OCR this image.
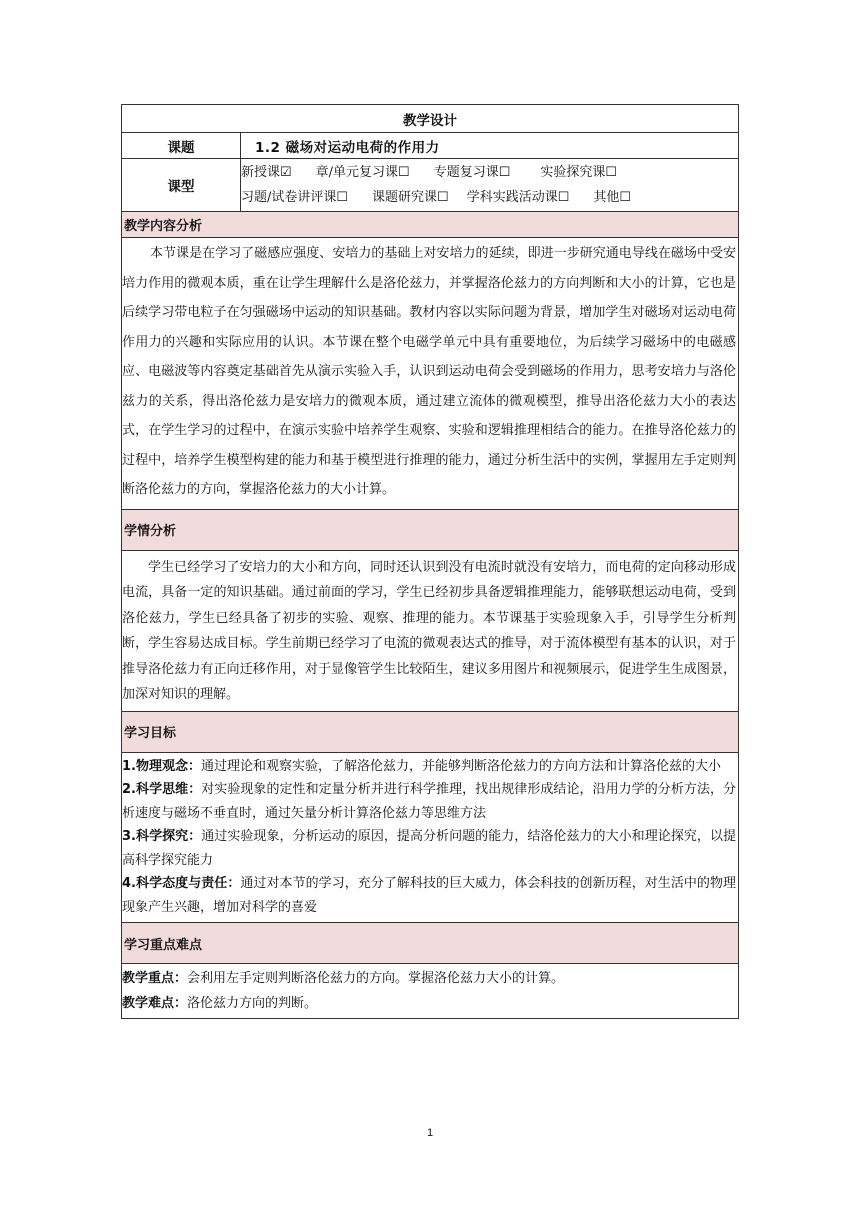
教学设计	
课题	1.2 磁场对运动电荷的作用力
课型	新授课☑ 章/单元复习课☐ 专题复习课☐ 实验探究课☐
习题/试卷讲评课☐ 课题研究课☐ 学科实践活动课☐ 其他☐

教学内容分析	
本节课是在学习了磁感应强度、安培力的基础上对安培力的延续，即进一步研究通电导线在磁场中受安培力作用的微观本质，重在让学生理解什么是洛伦兹力，并掌握洛伦兹力的方向判断和大小的计算，它也是后续学习带电粒子在匀强磁场中运动的知识基础。教材内容以实际问题为背景，增加学生对磁场对运动电荷作用力的兴趣和实际应用的认识。本节课在整个电磁学单元中具有重要地位，为后续学习磁场中的电磁感应、电磁波等内容奠定基础首先从演示实验入手，认识到运动电荷会受到磁场的作用力，思考安培力与洛伦兹力的关系，得出洛伦兹力是安培力的微观本质，通过建立流体的微观模型，推导出洛伦兹力大小的表达式，在学生学习的过程中，在演示实验中培养学生观察、实验和逻辑推理相结合的能力。在推导洛伦兹力的过程中，培养学生模型构建的能力和基于模型进行推理的能力，通过分析生活中的实例，掌握用左手定则判断洛伦兹力的方向，掌握洛伦兹力的大小计算。	
学情分析	
学生已经学习了安培力的大小和方向，同时还认识到没有电流时就没有安培力，而电荷的定向移动形成电流，具备一定的知识基础。通过前面的学习，学生已经初步具备逻辑推理能力，能够联想运动电荷，受到洛伦兹力，学生已经具备了初步的实验、观察、推理的能力。本节课基于实验现象入手，引导学生分析判断，学生容易达成目标。学生前期已经学习了电流的微观表达式的推导，对于流体模型有基本的认识，对于推导洛伦兹力有正向迁移作用，对于显像管学生比较陌生，建议多用图片和视频展示，促进学生生成图景，加深对知识的理解。	
学习目标	

1.物理观念：通过理论和观察实验，了解洛伦兹力，并能够判断洛伦兹力的方向方法和计算洛伦兹的大小
2.科学思维：对实验现象的定性和定量分析并进行科学推理，找出规律形成结论，沿用力学的分析方法，分析速度与磁场不垂直时，通过矢量分析计算洛伦兹力等思维方法
3.科学探究：通过实验现象，分析运动的原因，提高分析问题的能力，结洛伦兹力的大小和理论探究，以提高科学探究能力
4.科学态度与责任：通过对本节的学习，充分了解科技的巨大威力，体会科技的创新历程，对生活中的物理现象产生兴趣，增加对科学的喜爱	

学习重点难点	

教学重点：会利用左手定则判断洛伦兹力的方向。掌握洛伦兹力大小的计算。
教学难点：洛伦兹力方向的判断。	
1
